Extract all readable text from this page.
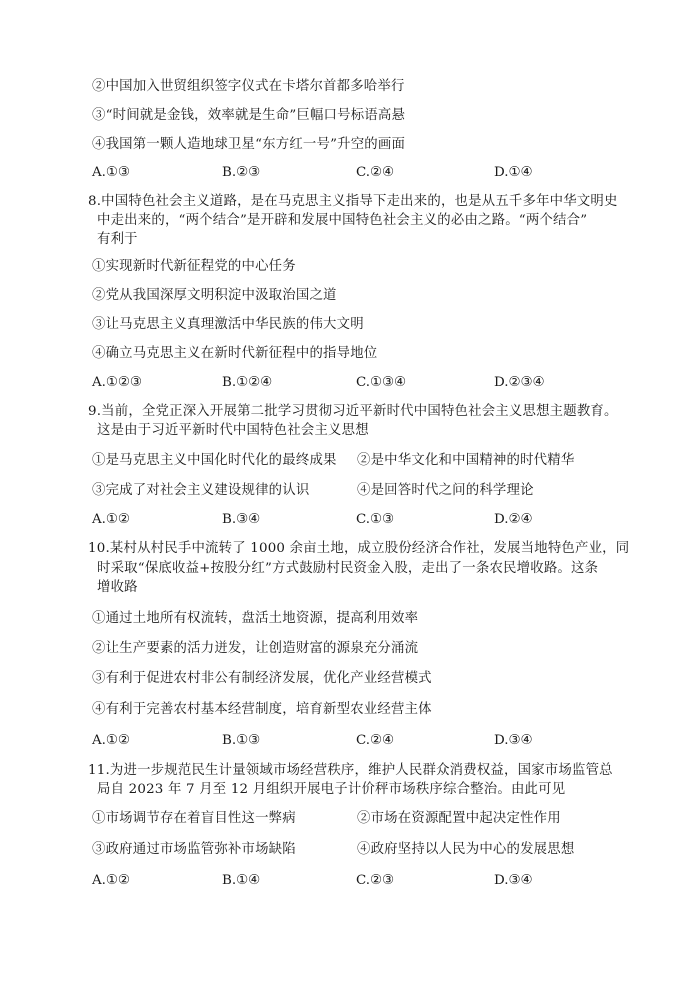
②中国加入世贸组织签字仪式在卡塔尔首都多哈举行
③“时间就是金钱，效率就是生命”巨幅口号标语高悬
④我国第一颗人造地球卫星“东方红一号”升空的画面
A.①③	B.②③	C.②④	D.①④
8.中国特色社会主义道路，是在马克思主义指导下走出来的，也是从五千多年中华文明史
中走出来的，“两个结合”是开辟和发展中国特色社会主义的必由之路。“两个结合”
有利于
①实现新时代新征程党的中心任务
②党从我国深厚文明积淀中汲取治国之道
③让马克思主义真理激活中华民族的伟大文明
④确立马克思主义在新时代新征程中的指导地位
A.①②③	B.①②④	C.①③④	D.②③④
9.当前，全党正深入开展第二批学习贯彻习近平新时代中国特色社会主义思想主题教育。
这是由于习近平新时代中国特色社会主义思想
①是马克思主义中国化时代化的最终成果 ②是中华文化和中国精神的时代精华
③完成了对社会主义建设规律的认识	④是回答时代之问的科学理论
A.①②	B.③④	C.①③	D.②④
10.某村从村民手中流转了 1000 余亩土地，成立股份经济合作社，发展当地特色产业，同
时采取“保底收益+按股分红”方式鼓励村民资金入股，走出了一条农民增收路。这条
增收路
①通过土地所有权流转，盘活土地资源，提高利用效率
②让生产要素的活力迸发，让创造财富的源泉充分涌流
③有利于促进农村非公有制经济发展，优化产业经营模式
④有利于完善农村基本经营制度，培育新型农业经营主体
A.①②	B.①③	C.②④	D.③④
11.为进一步规范民生计量领域市场经营秩序，维护人民群众消费权益，国家市场监管总
局自 2023 年 7 月至 12 月组织开展电子计价秤市场秩序综合整治。由此可见
①市场调节存在着盲目性这一弊病	②市场在资源配置中起决定性作用
③政府通过市场监管弥补市场缺陷	④政府坚持以人民为中心的发展思想
A.①②	B.①④	C.②③	D.③④
